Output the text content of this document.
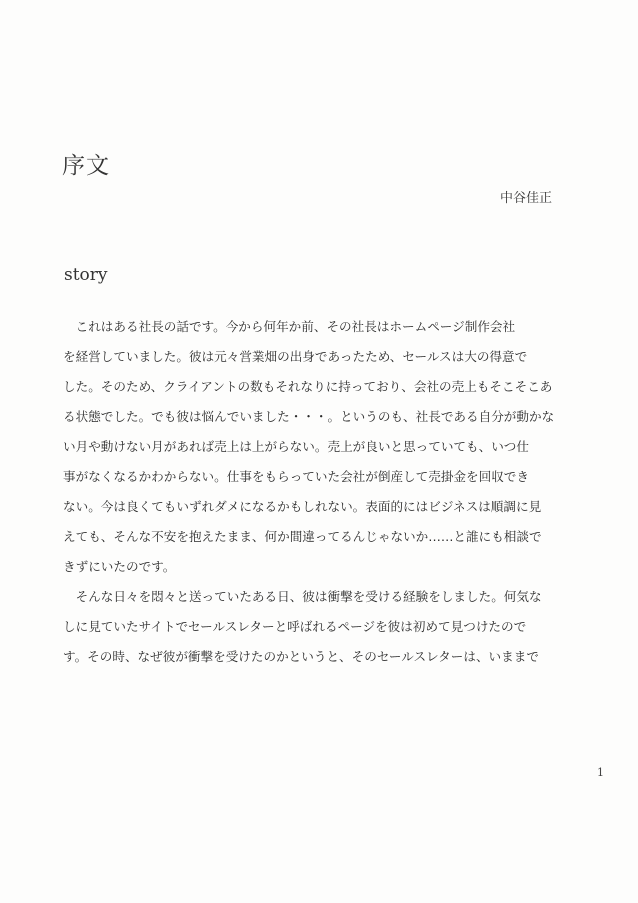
序文
中谷佳正
story
　これはある社長の話です。今から何年か前、その社長はホームページ制作会社
を経営していました。彼は元々営業畑の出身であったため、セールスは大の得意で
した。そのため、クライアントの数もそれなりに持っており、会社の売上もそこそこあ
る状態でした。でも彼は悩んでいました・・・。というのも、社長である自分が動かな
い月や動けない月があれば売上は上がらない。売上が良いと思っていても、いつ仕
事がなくなるかわからない。仕事をもらっていた会社が倒産して売掛金を回収でき
ない。今は良くてもいずれダメになるかもしれない。表面的にはビジネスは順調に見
えても、そんな不安を抱えたまま、何か間違ってるんじゃないか……と誰にも相談で
きずにいたのです。
　そんな日々を悶々と送っていたある日、彼は衝撃を受ける経験をしました。何気な
しに見ていたサイトでセールスレターと呼ばれるページを彼は初めて見つけたので
す。その時、なぜ彼が衝撃を受けたのかというと、そのセールスレターは、いままで
1
